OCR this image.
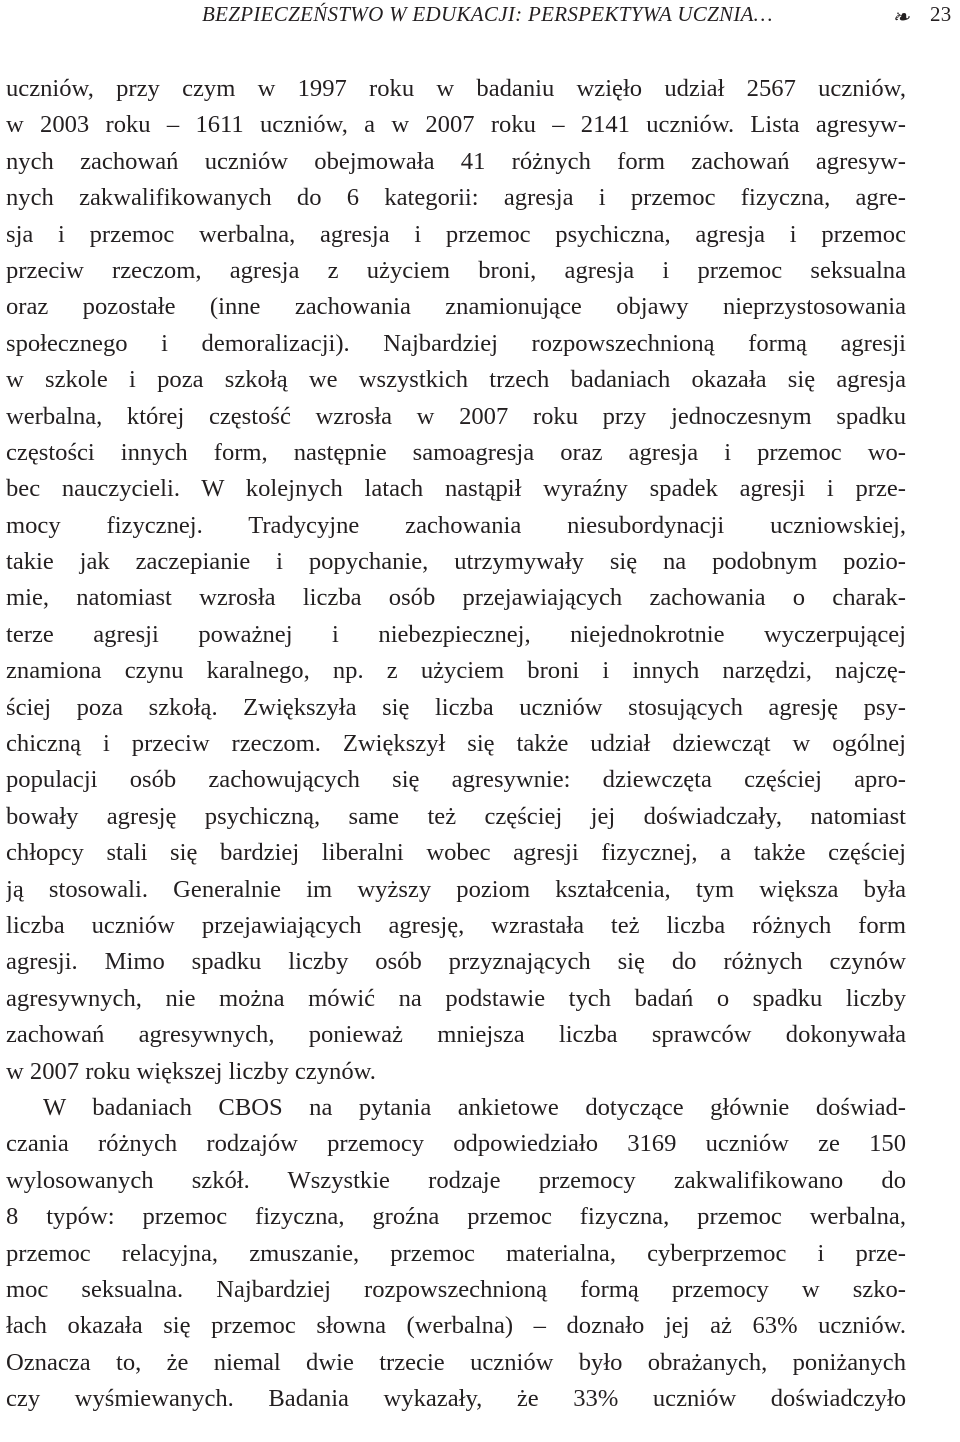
BEZPIECZEŃSTWO W EDUKACJI: PERSPEKTYWA UCZNIA…	❧ 23
uczniów, przy czym w 1997 roku w badaniu wzięło udział 2567 uczniów,
w 2003 roku – 1611 uczniów, a w 2007 roku – 2141 uczniów. Lista agresyw-
nych zachowań uczniów obejmowała 41 różnych form zachowań agresyw-
nych zakwalifikowanych do 6 kategorii: agresja i przemoc fizyczna, agre-
sja i przemoc werbalna, agresja i przemoc psychiczna, agresja i przemoc
przeciw rzeczom, agresja z użyciem broni, agresja i przemoc seksualna
oraz pozostałe (inne zachowania znamionujące objawy nieprzystosowania
społecznego i demoralizacji). Najbardziej rozpowszechnioną formą agresji
w szkole i poza szkołą we wszystkich trzech badaniach okazała się agresja
werbalna, której częstość wzrosła w 2007 roku przy jednoczesnym spadku
częstości innych form, następnie samoagresja oraz agresja i przemoc wo-
bec nauczycieli. W kolejnych latach nastąpił wyraźny spadek agresji i prze-
mocy fizycznej. Tradycyjne zachowania niesubordynacji uczniowskiej,
takie jak zaczepianie i popychanie, utrzymywały się na podobnym pozio-
mie, natomiast wzrosła liczba osób przejawiających zachowania o charak-
terze agresji poważnej i niebezpiecznej, niejednokrotnie wyczerpującej
znamiona czynu karalnego, np. z użyciem broni i innych narzędzi, najczę-
ściej poza szkołą. Zwiększyła się liczba uczniów stosujących agresję psy-
chiczną i przeciw rzeczom. Zwiększył się także udział dziewcząt w ogólnej
populacji osób zachowujących się agresywnie: dziewczęta częściej apro-
bowały agresję psychiczną, same też częściej jej doświadczały, natomiast
chłopcy stali się bardziej liberalni wobec agresji fizycznej, a także częściej
ją stosowali. Generalnie im wyższy poziom kształcenia, tym większa była
liczba uczniów przejawiających agresję, wzrastała też liczba różnych form
agresji. Mimo spadku liczby osób przyznających się do różnych czynów
agresywnych, nie można mówić na podstawie tych badań o spadku liczby
zachowań agresywnych, ponieważ mniejsza liczba sprawców dokonywała
w 2007 roku większej liczby czynów.
W badaniach CBOS na pytania ankietowe dotyczące głównie doświad-
czania różnych rodzajów przemocy odpowiedziało 3169 uczniów ze 150
wylosowanych szkół. Wszystkie rodzaje przemocy zakwalifikowano do
8 typów: przemoc fizyczna, groźna przemoc fizyczna, przemoc werbalna,
przemoc relacyjna, zmuszanie, przemoc materialna, cyberprzemoc i prze-
moc seksualna. Najbardziej rozpowszechnioną formą przemocy w szko-
łach okazała się przemoc słowna (werbalna) – doznało jej aż 63% uczniów.
Oznacza to, że niemal dwie trzecie uczniów było obrażanych, poniżanych
czy wyśmiewanych. Badania wykazały, że 33% uczniów doświadczyło
